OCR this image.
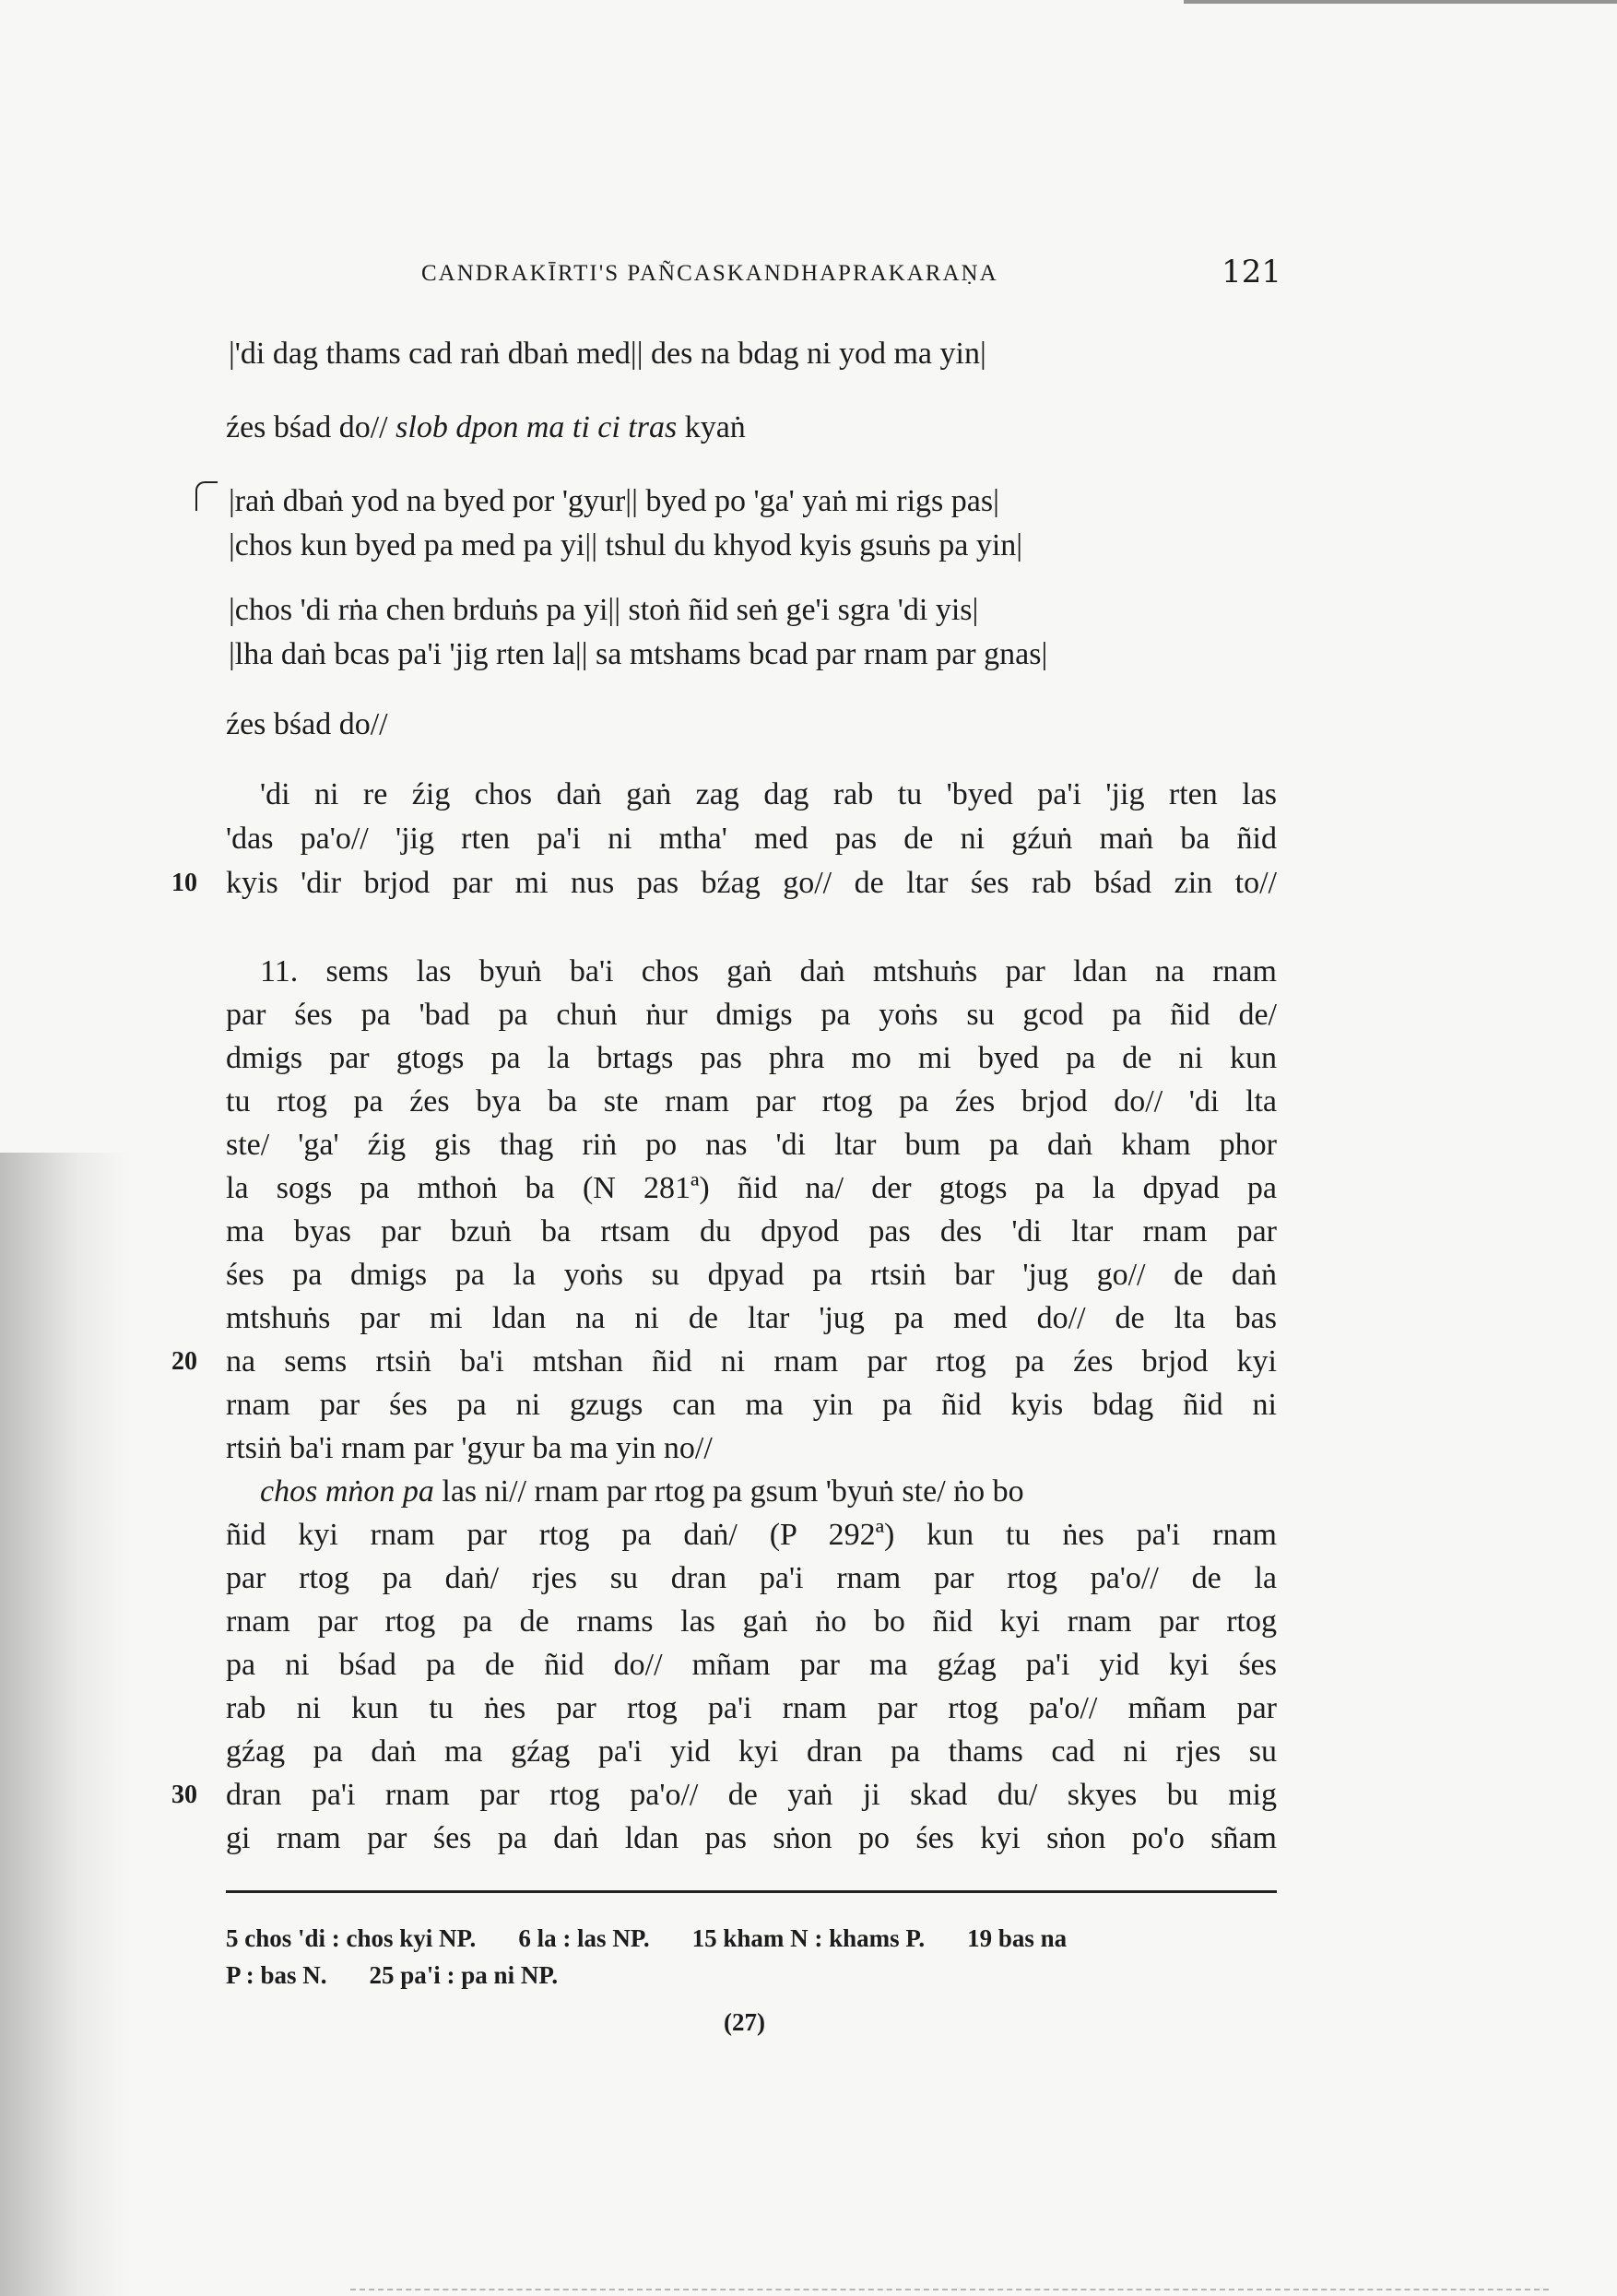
CANDRAKĪRTI'S PAÑCASKANDHAPRAKARAṆA	121
|'di dag thams cad raṅ dbaṅ med|| des na bdag ni yod ma yin|
źes bśad do// slob dpon ma ti ci tras kyaṅ
|raṅ dbaṅ yod na byed por 'gyur|| byed po 'ga' yaṅ mi rigs pas|
|chos kun byed pa med pa yi|| tshul du khyod kyis gsuṅs pa yin|
|chos 'di rṅa chen brduṅs pa yi|| stoṅ ñid seṅ ge'i sgra 'di yis|
|lha daṅ bcas pa'i 'jig rten la|| sa mtshams bcad par rnam par gnas|
źes bśad do//
'di ni re źig chos daṅ gaṅ zag dag rab tu 'byed pa'i 'jig rten las
'das pa'o// 'jig rten pa'i ni mtha' med pas de ni gźuṅ maṅ ba ñid
10 kyis 'dir brjod par mi nus pas bźag go// de ltar śes rab bśad zin to//
11. sems las byuṅ ba'i chos gaṅ daṅ mtshuṅs par ldan na rnam
par śes pa 'bad pa chuṅ ṅur dmigs pa yoṅs su gcod pa ñid de/
dmigs par gtogs pa la brtags pas phra mo mi byed pa de ni kun
tu rtog pa źes bya ba ste rnam par rtog pa źes brjod do// 'di lta
ste/ 'ga' źig gis thag riṅ po nas 'di ltar bum pa daṅ kham phor
la sogs pa mthoṅ ba (N 281ª) ñid na/ der gtogs pa la dpyad pa
ma byas par bzuṅ ba rtsam du dpyod pas des 'di ltar rnam par
śes pa dmigs pa la yoṅs su dpyad pa rtsiṅ bar 'jug go// de daṅ
mtshuṅs par mi ldan na ni de ltar 'jug pa med do// de lta bas
20 na sems rtsiṅ ba'i mtshan ñid ni rnam par rtog pa źes brjod kyi
rnam par śes pa ni gzugs can ma yin pa ñid kyis bdag ñid ni
rtsiṅ ba'i rnam par 'gyur ba ma yin no//
chos mṅon pa las ni// rnam par rtog pa gsum 'byuṅ ste/ ṅo bo
ñid kyi rnam par rtog pa daṅ/ (P 292ª) kun tu ṅes pa'i rnam
par rtog pa daṅ/ rjes su dran pa'i rnam par rtog pa'o// de la
rnam par rtog pa de rnams las gaṅ ṅo bo ñid kyi rnam par rtog
pa ni bśad pa de ñid do// mñam par ma gźag pa'i yid kyi śes
rab ni kun tu ṅes par rtog pa'i rnam par rtog pa'o// mñam par
gźag pa daṅ ma gźag pa'i yid kyi dran pa thams cad ni rjes su
30 dran pa'i rnam par rtog pa'o// de yaṅ ji skad du/ skyes bu mig
gi rnam par śes pa daṅ ldan pas sṅon po śes kyi sṅon po'o sñam
5 chos 'di : chos kyi NP. 6 la : las NP. 15 kham N : khams P. 19 bas na
P : bas N. 25 pa'i : pa ni NP.
(27)
